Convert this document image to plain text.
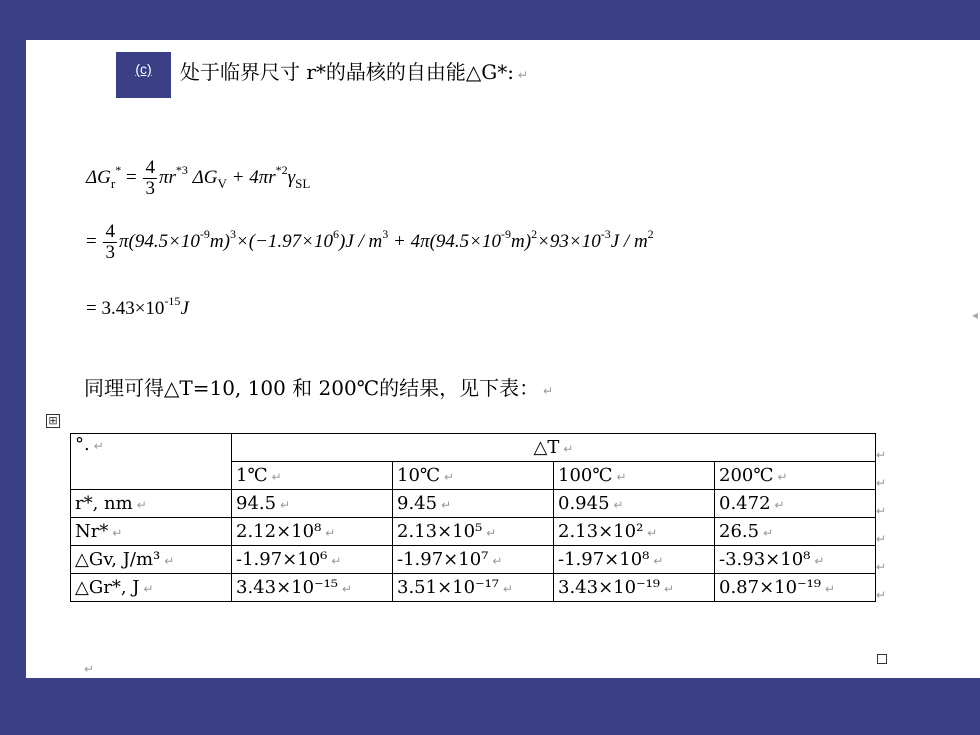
(c)	处于临界尺寸 r*的晶核的自由能△G*: ↵
$\Delta G_r^* = \frac{4}{3} \pi r^{*3}$ $\Delta G_V + 4\pi r^{*2}\gamma_{SL}$
= $\frac{4}{3} \pi(94.5\times 10^{-9}m)^3\times(-1.97\times 10^6)J / m^3 + 4\pi(94.5\times 10^{-9}m)^2\times 93\times 10^{-3}J / m^2$
= $3.43\times 10^{-15}J$	◂
同理可得△T=10, 100 和 200℃的结果，见下表： ↵
⊞
°. ↵	△T ↵			
	1℃ ↵	10℃ ↵	100℃ ↵	200℃ ↵
r*, nm ↵	94.5 ↵	9.45 ↵	0.945 ↵	0.472 ↵
Nr* ↵	2.12×10⁸ ↵	2.13×10⁵ ↵	2.13×10² ↵	26.5 ↵
△Gv, J/m³ ↵	-1.97×10⁶ ↵	-1.97×10⁷ ↵	-1.97×10⁸ ↵	-3.93×10⁸ ↵
△Gr*, J ↵	3.43×10⁻¹⁵ ↵	3.51×10⁻¹⁷ ↵	3.43×10⁻¹⁹ ↵	0.87×10⁻¹⁹ ↵
↵
↵
↵
↵
↵
↵
↵
